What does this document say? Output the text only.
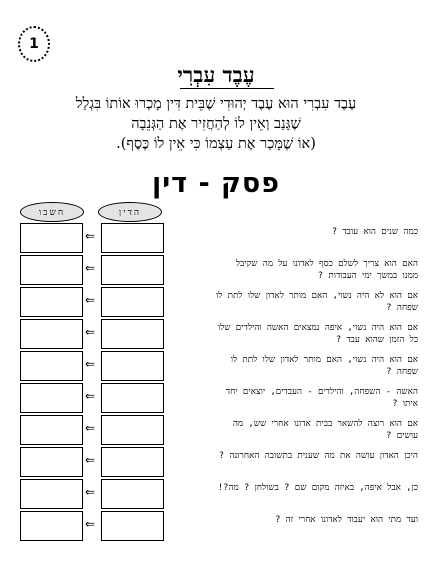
1
עֶבֶד עִבְרִי
עֶבֶד עִבְרִי הוּא עֶבֶד יְהוּדִי שֶׁבֵּית דִּין מָכְרוּ אוֹתוֹ בִּגְלַל
שֶׁגָּנַב וְאֵין לוֹ לְהַחֲזִיר אֶת הַגְּנֵבָה
(אוֹ שֶׁמָּכַר אֶת עַצְמוֹ כִּי אֵין לוֹ כֶּסֶף).
פסק - דין
הדין
חשבו
⇐	כמה שנים הוא עובד ?
⇐	האם הוא צריך לשלם כסף לאדונו על מה שקיבל
ממנו במשך ימי העבודות ?
⇐	אם הוא לא היה נשוי, האם מותר לאדון שלו לתת לו
שפחה ?
⇐	אם הוא היה נשוי, איפה נמצאים האשה והילדים שלו
כל הזמן שהוא עבד ?
⇐	אם הוא היה נשוי, האם מותר לאדון שלו לתת לו
שפחה ?
⇐	האשה - השפחה, והילדים - העבדים, יוצאים יחד
איתו ?
⇐	אם הוא רוצה להשאר בבית אדונו אחרי שש, מה
עושים ?
⇐	היכן האדון עושה את מה שענית בתשובה האחרונה ?
⇐	כן, אבל איפה, באיזה מקום שם ? בשולחן ? מה?!
⇐	ועד מתי הוא יעבוד לאדונו אחרי זה ?
